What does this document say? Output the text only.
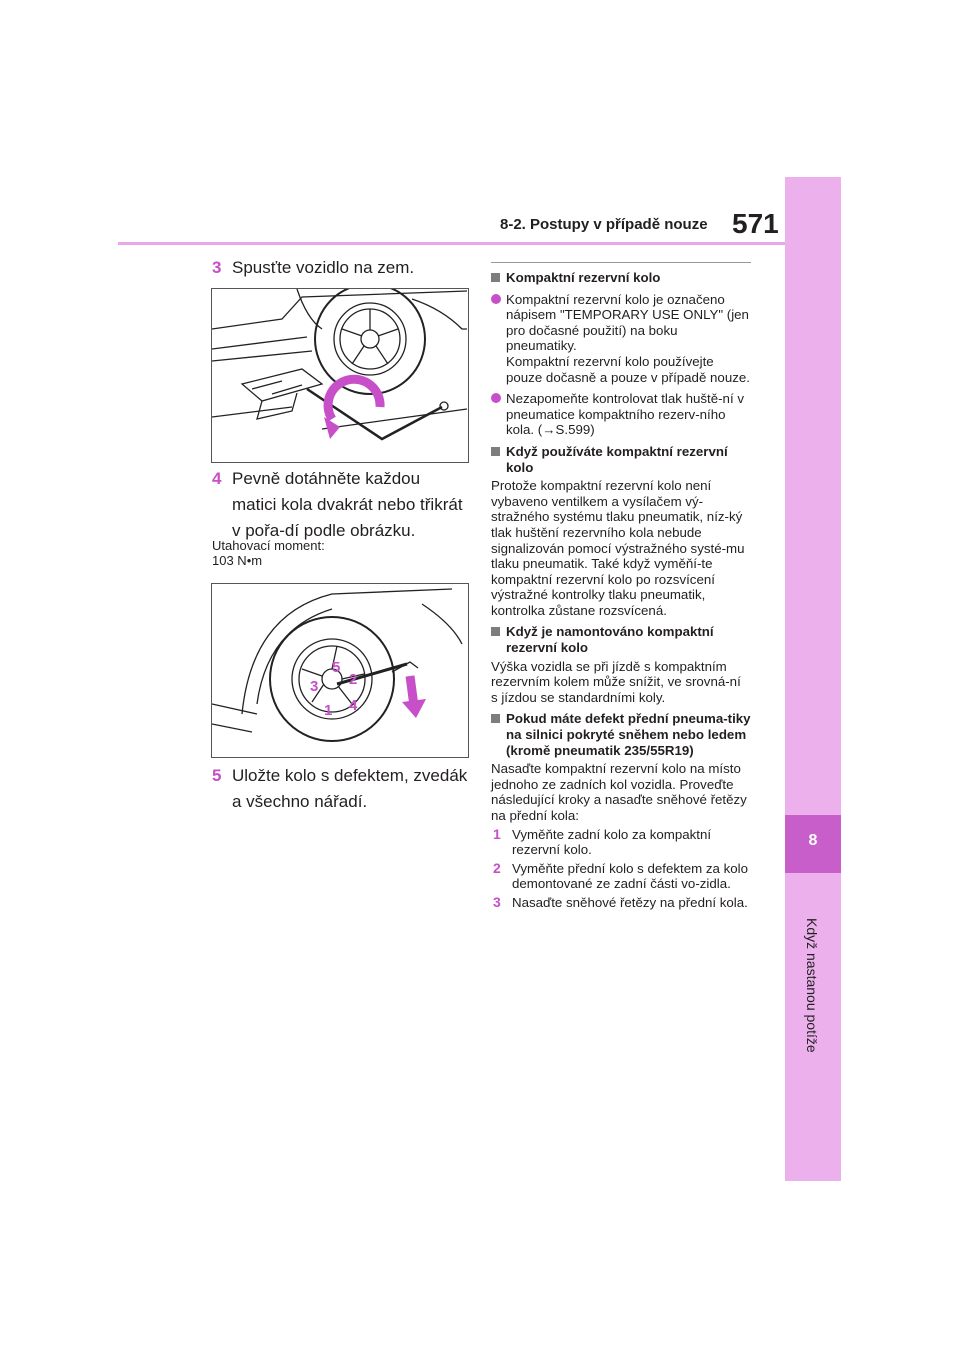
8-2. Postupy v případě nouze 571
8
Když nastanou potíže
3 Spusťte vozidlo na zem.
4 Pevně dotáhněte každou matici kola dvakrát nebo třikrát v pořa-dí podle obrázku.
Utahovací moment:
103 N•m
1
2
3
4
5
5 Uložte kolo s defektem, zvedák a všechno nářadí.
Kompaktní rezervní kolo
Kompaktní rezervní kolo je označeno nápisem "TEMPORARY USE ONLY" (jen pro dočasné použití) na boku pneumatiky.
Kompaktní rezervní kolo používejte pouze dočasně a pouze v případě nouze.
Nezapomeňte kontrolovat tlak huště-ní v pneumatice kompaktního rezerv-ního kola. (→S.599)
Když používáte kompaktní rezervní kolo
Protože kompaktní rezervní kolo není vybaveno ventilkem a vysílačem vý-stražného systému tlaku pneumatik, níz-ký tlak huštění rezervního kola nebude signalizován pomocí výstražného systé-mu tlaku pneumatik. Také když vyměňí-te kompaktní rezervní kolo po rozsvícení výstražné kontrolky tlaku pneumatik, kontrolka zůstane rozsvícená.
Když je namontováno kompaktní rezervní kolo
Výška vozidla se při jízdě s kompaktním rezervním kolem může snížit, ve srovná-ní s jízdou se standardními koly.
Pokud máte defekt přední pneuma-tiky na silnici pokryté sněhem nebo ledem (kromě pneumatik 235/55R19)
Nasaďte kompaktní rezervní kolo na místo jednoho ze zadních kol vozidla. Proveďte následující kroky a nasaďte sněhové řetězy na přední kola:
1 Vyměňte zadní kolo za kompaktní rezervní kolo.
2 Vyměňte přední kolo s defektem za kolo demontované ze zadní části vo-zidla.
3 Nasaďte sněhové řetězy na přední kola.
